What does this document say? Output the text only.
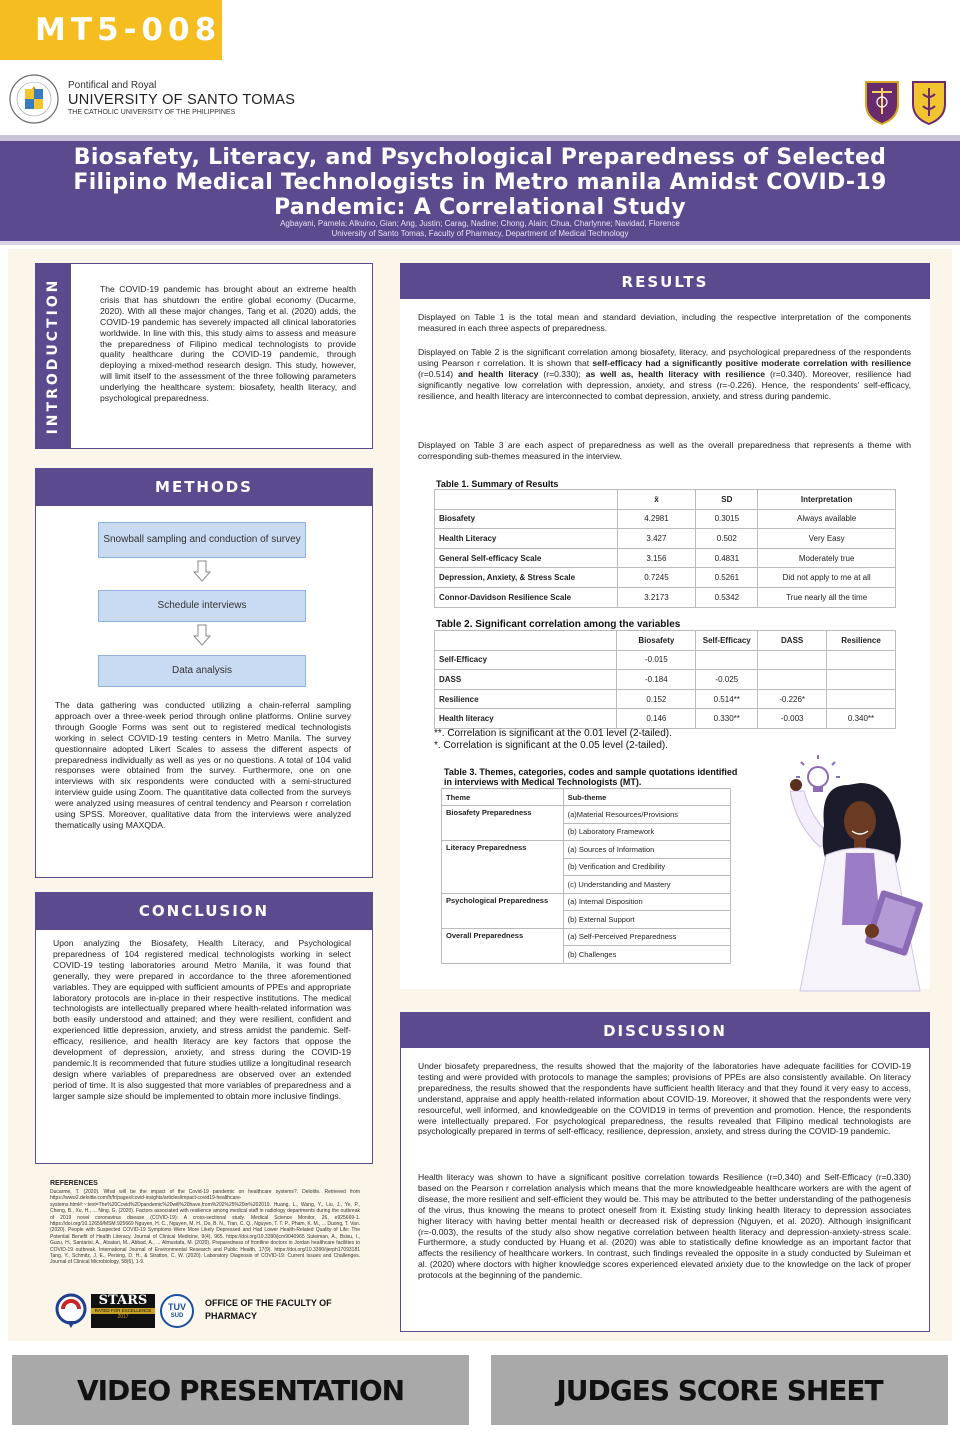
MT5-008
Pontifical and Royal
UNIVERSITY OF SANTO TOMAS
THE CATHOLIC UNIVERSITY OF THE PHILIPPINES
Biosafety, Literacy, and Psychological Preparedness of Selected Filipino Medical Technologists in Metro manila Amidst COVID-19 Pandemic: A Correlational Study
Agbayani, Pamela; Alkuino, Gian; Ang, Justin; Carag, Nadine; Chong, Alain; Chua, Charlynne; Navidad, Florence
University of Santo Tomas, Faculty of Pharmacy, Department of Medical Technology
INTRODUCTION	The COVID-19 pandemic has brought about an extreme health crisis that has shutdown the entire global economy (Ducarme, 2020). With all these major changes, Tang et al. (2020) adds, the COVID-19 pandemic has severely impacted all clinical laboratories worldwide. In line with this, this study aims to assess and measure the preparedness of Filipino medical technologists to provide quality healthcare during the COVID-19 pandemic, through deploying a mixed-method research design. This study, however, will limit itself to the assessment of the three following parameters underlying the healthcare system: biosafety, health literacy, and psychological preparedness.
METHODS
Snowball sampling and conduction of survey
Schedule interviews
Data analysis
The data gathering was conducted utilizing a chain-referral sampling approach over a three-week period through online platforms. Online survey through Google Forms was sent out to registered medical technologists working in select COVID-19 testing centers in Metro Manila. The survey questionnaire adopted Likert Scales to assess the different aspects of preparedness individually as well as yes or no questions. A total of 104 valid responses were obtained from the survey. Furthermore, one on one interviews with six respondents were conducted with a semi-structured interview guide using Zoom. The quantitative data collected from the surveys were analyzed using measures of central tendency and Pearson r correlation using SPSS. Moreover, qualitative data from the interviews were analyzed thematically using MAXQDA.
CONCLUSION
Upon analyzing the Biosafety, Health Literacy, and Psychological preparedness of 104 registered medical technologists working in select COVID-19 testing laboratories around Metro Manila, it was found that generally, they were prepared in accordance to the three aforementioned variables. They are equipped with sufficient amounts of PPEs and appropriate laboratory protocols are in-place in their respective institutions. The medical technologists are intellectually prepared where health-related information was both easily understood and attained; and they were resilient, confident and experienced little depression, anxiety, and stress amidst the pandemic. Self-efficacy, resilience, and health literacy are key factors that oppose the development of depression, anxiety, and stress during the COVID-19 pandemic.It is recommended that future studies utilize a longitudinal research design where variables of preparedness are observed over an extended period of time. It is also suggested that more variables of preparedness and a larger sample size should be implemented to obtain more inclusive findings.
REFERENCES
Ducarme, T. (2020). What will be the impact of the Covid-19 pandemic on healthcare systems?. Deloitte. Retrieved from https://www2.deloitte.com/fr/fr/pages/covid-insights/articles/impact-covid19-healthcare-systems.html#:~:text=The%20Covid%2Dpandemic%20will%20have,from%202%25%20in%202019. Huang, L., Wang, Y., Liu, J., Ye, P., Cheng, B., Xu, H., ... Ning, G. (2020). Factors associated with resilience among medical staff in radiology departments during the outbreak of 2019 novel coronavirus disease (COVID-19): A cross-sectional study. Medical Science Monitor, 26, e925669-1. https://doi.org/10.12659/MSM.925669 Nguyen, H. C., Nguyen, M. H., Do, B. N., Tran, C. Q., Nguyen, T. T. P., Pham, K. M., ... Duong, T. Van. (2020). People with Suspected COVID-19 Symptoms Were More Likely Depressed and Had Lower Health-Related Quality of Life: The Potential Benefit of Health Literacy. Journal of Clinical Medicine, 9(4), 965. https://doi.org/10.3390/jcm9040965 Suleiman, A., Bsisu, I., Guzu, H., Santarisi, A., Alsatari, M., Abbad, A., ... Almustafa, M. (2020). Preparedness of frontline doctors in Jordan healthcare facilities to COVID-19 outbreak. International Journal of Environmental Research and Public Health, 17(9). https://doi.org/10.3390/ijerph17093181 Tang, Y., Schmitz, J. E., Persing, D. H., & Stratton, C. W. (2020). Laboratory Diagnosis of COVID-19: Current Issues and Challenges. Journal of Clinical Microbiology, 58(6), 1-9.
STARS
RATED FOR EXCELLENCE
2017
TUV
SUD
OFFICE OF THE FACULTY OF PHARMACY
RESULTS
Displayed on Table 1 is the total mean and standard deviation, including the respective interpretation of the components measured in each three aspects of preparedness.
Displayed on Table 2 is the significant correlation among biosafety, literacy, and psychological preparedness of the respondents using Pearson r correlation. It is shown that self-efficacy had a significantly positive moderate correlation with resilience (r=0.514) and health literacy (r=0.330); as well as, health literacy with resilience (r=0.340). Moreover, resilience had significantly negative low correlation with depression, anxiety, and stress (r=-0.226). Hence, the respondents' self-efficacy, resilience, and health literacy are interconnected to combat depression, anxiety, and stress during pandemic.
Displayed on Table 3 are each aspect of preparedness as well as the overall preparedness that represents a theme with corresponding sub-themes measured in the interview.
Table 1. Summary of Results
	x̄	SD	Interpretation
Biosafety	4.2981	0.3015	Always available
Health Literacy	3.427	0.502	Very Easy
General Self-efficacy Scale	3.156	0.4831	Moderately true
Depression, Anxiety, & Stress Scale	0.7245	0.5261	Did not apply to me at all
Connor-Davidson Resilience Scale	3.2173	0.5342	True nearly all the time
Table 2. Significant correlation among the variables
	Biosafety	Self-Efficacy	DASS	Resilience
Self-Efficacy	-0.015			
DASS	-0.184	-0.025		
Resilience	0.152	0.514**	-0.226*	
Health literacy	0.146	0.330**	-0.003	0.340**
**. Correlation is significant at the 0.01 level (2-tailed).
*. Correlation is significant at the 0.05 level (2-tailed).
Table 3. Themes, categories, codes and sample quotations identified in interviews with Medical Technologists (MT).
Theme	Sub-theme
Biosafety Preparedness	(a)Material Resources/Provisions
	(b) Laboratory Framework
Literacy Preparedness	(a) Sources of Information
	(b) Verification and Credibility
	(c) Understanding and Mastery
Psychological Preparedness	(a) Internal Disposition
	(b) External Support
Overall Preparedness	(a) Self-Perceived Preparedness
	(b) Challenges
DISCUSSION
Under biosafety preparedness, the results showed that the majority of the laboratories have adequate facilities for COVID-19 testing and were provided with protocols to manage the samples; provisions of PPEs are also consistently available. On literacy preparedness, the results showed that the respondents have sufficient health literacy and that they found it very easy to access, understand, appraise and apply health-related information about COVID-19. Moreover, it showed that the respondents were very resourceful, well informed, and knowledgeable on the COVID19 in terms of prevention and promotion. Hence, the respondents were intellectually prepared. For psychological preparedness, the results revealed that Filipino medical technologists are psychologically prepared in terms of self-efficacy, resilience, depression, anxiety, and stress during the COVID-19 pandemic.
Health literacy was shown to have a significant positive correlation towards Resilience (r=0.340) and Self-Efficacy (r=0.330) based on the Pearson r correlation analysis which means that the more knowledgeable healthcare workers are with the agent of disease, the more resilient and self-efficient they would be. This may be attributed to the better understanding of the pathogenesis of the virus, thus knowing the means to protect oneself from it. Existing study linking health literacy to depression associates higher literacy with having better mental health or decreased risk of depression (Nguyen, et al. 2020). Although insignificant (r=-0.003), the results of the study also show negative correlation between health literacy and depression-anxiety-stress scale. Furthermore, a study conducted by Huang et al. (2020) was able to statistically define knowledge as an important factor that affects the resiliency of healthcare workers. In contrast, such findings revealed the opposite in a study conducted by Suleiman et al. (2020) where doctors with higher knowledge scores experienced elevated anxiety due to the knowledge on the lack of proper protocols at the beginning of the pandemic.
VIDEO PRESENTATION	JUDGES SCORE SHEET
